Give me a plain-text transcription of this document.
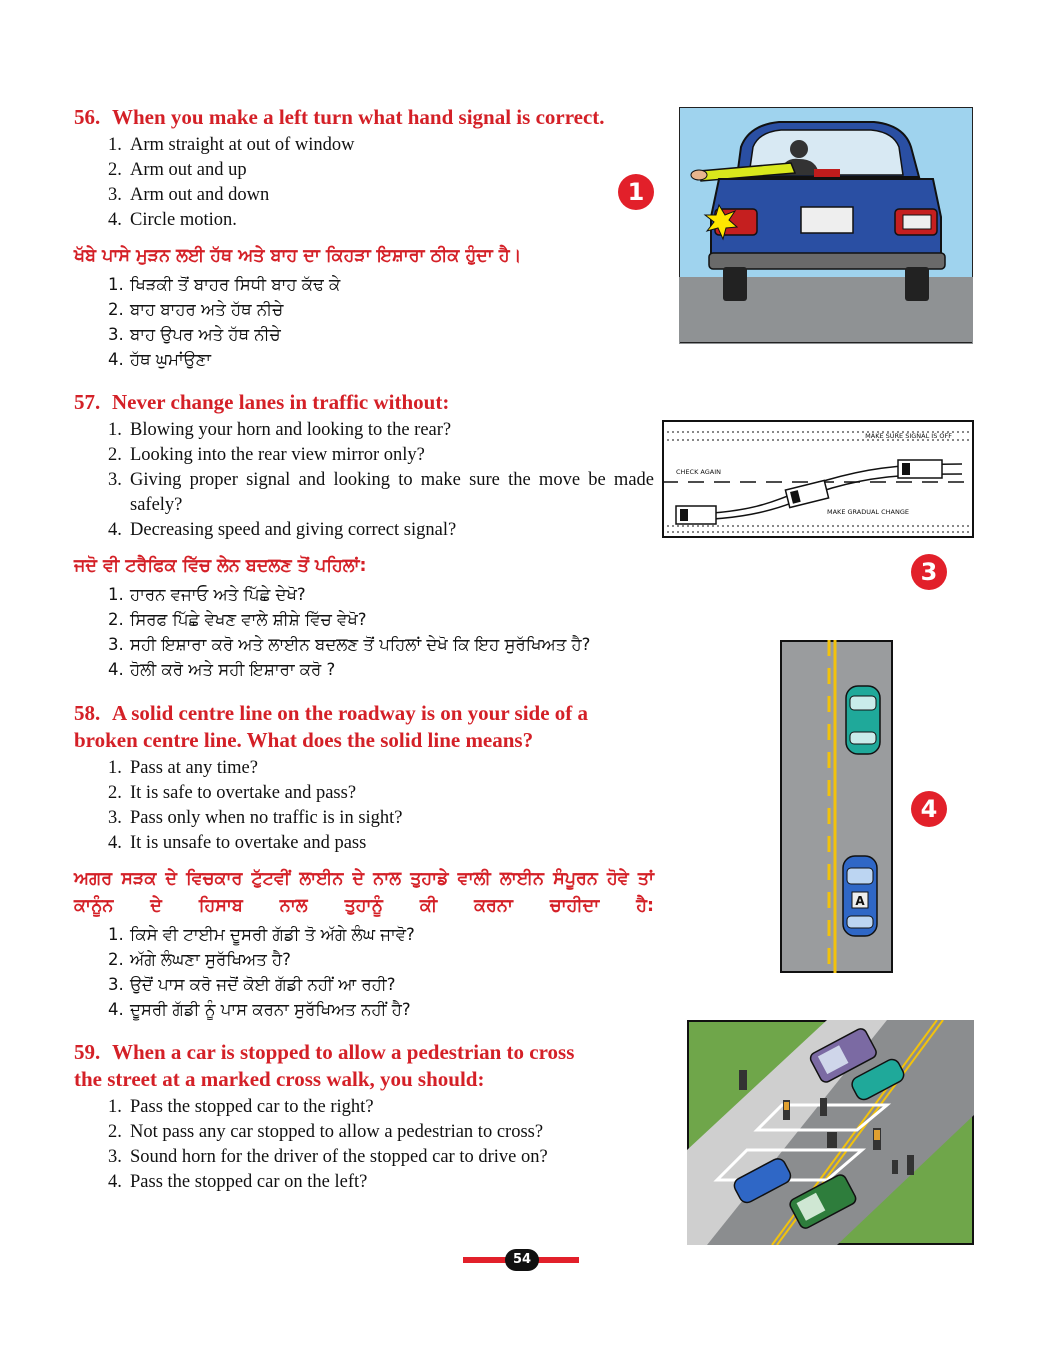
56. When you make a left turn what hand signal is correct.
1. Arm straight at out of window
2. Arm out and up
3. Arm out and down
4. Circle motion.
ਖੱਬੇ ਪਾਸੇ ਮੁੜਨ ਲਈ ਹੱਥ ਅਤੇ ਬਾਹ ਦਾ ਕਿਹੜਾ ਇਸ਼ਾਰਾ ਠੀਕ ਹੁੰਦਾ ਹੈ।
1. ਖਿੜਕੀ ਤੋਂ ਬਾਹਰ ਸਿਧੀ ਬਾਹ ਕੱਢ ਕੇ
2. ਬਾਹ ਬਾਹਰ ਅਤੇ ਹੱਥ ਨੀਚੇ
3. ਬਾਹ ਉਪਰ ਅਤੇ ਹੱਥ ਨੀਚੇ
4. ਹੱਥ ਘੁਮਾਂਉਣਾ
1
57. Never change lanes in traffic without:
1. Blowing your horn and looking to the rear?
2. Looking into the rear view mirror only?
3. Giving proper signal and looking to make sure the move be made safely?
4. Decreasing speed and giving correct signal?
ਜਦੋ ਵੀ ਟਰੈਫਿਕ ਵਿੱਚ ਲੇਨ ਬਦਲਣ ਤੋਂ ਪਹਿਲਾਂ:
1. ਹਾਰਨ ਵਜਾਓ ਅਤੇ ਪਿੱਛੇ ਦੇਖੋ?
2. ਸਿਰਫ ਪਿੱਛੇ ਵੇਖਣ ਵਾਲੇ ਸ਼ੀਸ਼ੇ ਵਿੱਚ ਵੇਖੋ?
3. ਸਹੀ ਇਸ਼ਾਰਾ ਕਰੋ ਅਤੇ ਲਾਈਨ ਬਦਲਣ ਤੋਂ ਪਹਿਲਾਂ ਦੇਖੋ ਕਿ ਇਹ ਸੁਰੱਖਿਅਤ ਹੈ?
4. ਹੋਲੀ ਕਰੋ ਅਤੇ ਸਹੀ ਇਸ਼ਾਰਾ ਕਰੋ ?
3
MAKE SURE SIGNAL IS OFF
CHECK AGAIN
MAKE GRADUAL CHANGE
58. A solid centre line on the roadway is on your side of a
broken centre line. What does the solid line means?
1. Pass at any time?
2. It is safe to overtake and pass?
3. Pass only when no traffic is in sight?
4. It is unsafe to overtake and pass
ਅਗਰ ਸੜਕ ਦੇ ਵਿਚਕਾਰ ਟੁੱਟਵੀਂ ਲਾਈਨ ਦੇ ਨਾਲ ਤੁਹਾਡੇ ਵਾਲੀ ਲਾਈਨ ਸੰਪੂਰਨ ਹੋਵੇ ਤਾਂ ਕਾਨੂੰਨ ਦੇ ਹਿਸਾਬ ਨਾਲ ਤੁਹਾਨੂੰ ਕੀ ਕਰਨਾ ਚਾਹੀਦਾ ਹੈ:
1. ਕਿਸੇ ਵੀ ਟਾਈਮ ਦੂਸਰੀ ਗੱਡੀ ਤੋ ਅੱਗੇ ਲੰਘ ਜਾਵੋ?
2. ਅੱਗੇ ਲੰਘਣਾ ਸੁਰੱਖਿਅਤ ਹੈ?
3. ਉਦੋਂ ਪਾਸ ਕਰੋ ਜਦੋਂ ਕੋਈ ਗੱਡੀ ਨਹੀਂ ਆ ਰਹੀ?
4. ਦੂਸਰੀ ਗੱਡੀ ਨੂੰ ਪਾਸ ਕਰਨਾ ਸੁਰੱਖਿਅਤ ਨਹੀਂ ਹੈ?
4
A
59. When a car is stopped to allow a pedestrian to cross
the street at a marked cross walk, you should:
1. Pass the stopped car to the right?
2. Not pass any car stopped to allow a pedestrian to cross?
3. Sound horn for the driver of the stopped car to drive on?
4. Pass the stopped car on the left?
54
